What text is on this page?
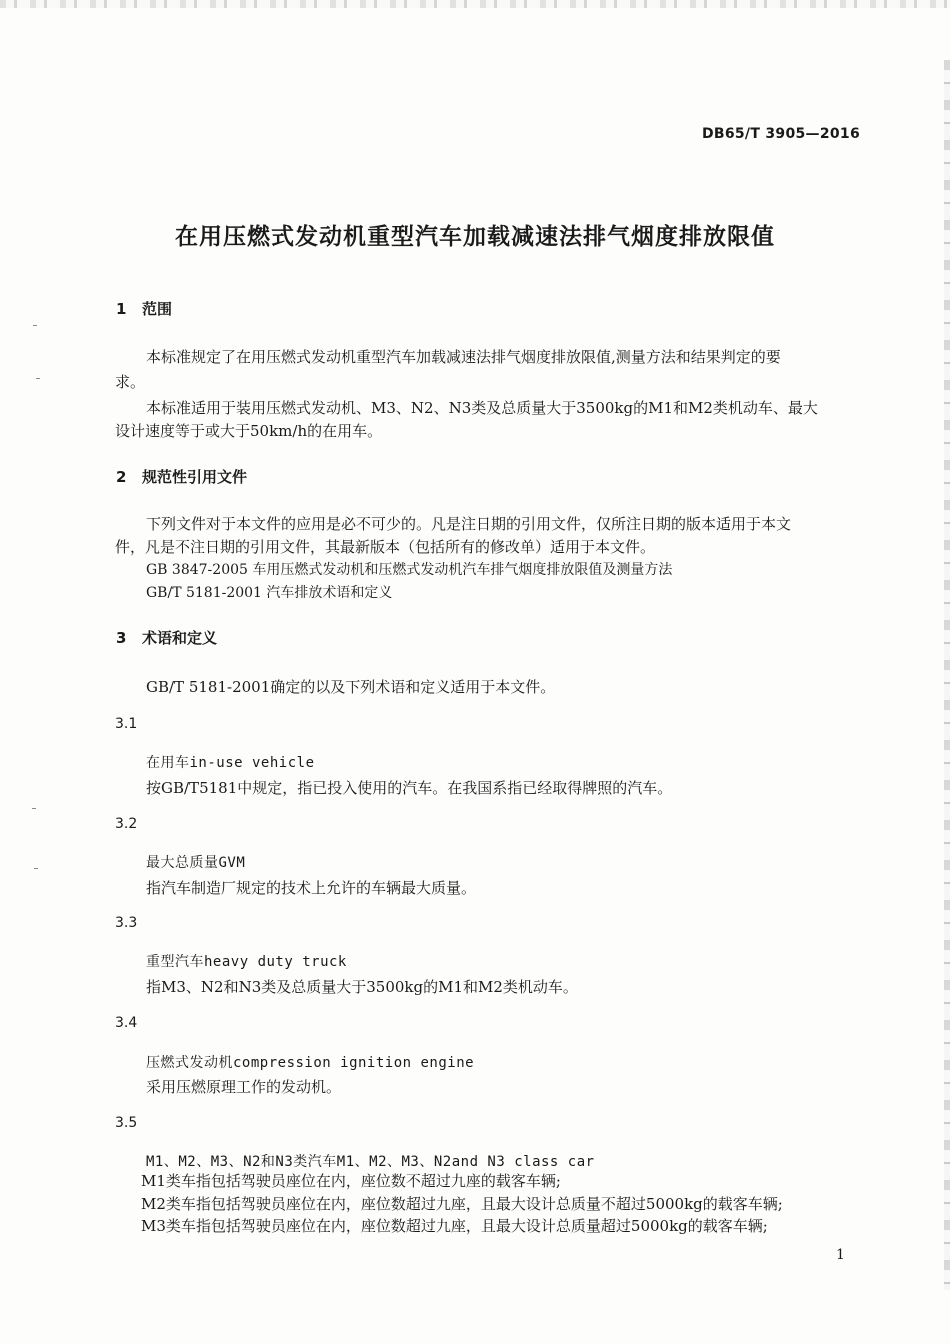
DB65/T 3905—2016
在用压燃式发动机重型汽车加载减速法排气烟度排放限值
1 范围
本标准规定了在用压燃式发动机重型汽车加载减速法排气烟度排放限值,测量方法和结果判定的要
求。
本标准适用于装用压燃式发动机、M3、N2、N3类及总质量大于3500kg的M1和M2类机动车、最大
设计速度等于或大于50km/h的在用车。
2 规范性引用文件
下列文件对于本文件的应用是必不可少的。凡是注日期的引用文件，仅所注日期的版本适用于本文
件，凡是不注日期的引用文件，其最新版本（包括所有的修改单）适用于本文件。
GB 3847-2005 车用压燃式发动机和压燃式发动机汽车排气烟度排放限值及测量方法
GB/T 5181-2001 汽车排放术语和定义
3 术语和定义
GB/T 5181-2001确定的以及下列术语和定义适用于本文件。
3.1
在用车in-use vehicle
按GB/T5181中规定，指已投入使用的汽车。在我国系指已经取得牌照的汽车。
3.2
最大总质量GVM
指汽车制造厂规定的技术上允许的车辆最大质量。
3.3
重型汽车heavy duty truck
指M3、N2和N3类及总质量大于3500kg的M1和M2类机动车。
3.4
压燃式发动机compression ignition engine
采用压燃原理工作的发动机。
3.5
M1、M2、M3、N2和N3类汽车M1、M2、M3、N2and N3 class car
M1类车指包括驾驶员座位在内，座位数不超过九座的载客车辆;
M2类车指包括驾驶员座位在内，座位数超过九座，且最大设计总质量不超过5000kg的载客车辆;
M3类车指包括驾驶员座位在内，座位数超过九座，且最大设计总质量超过5000kg的载客车辆;
1
